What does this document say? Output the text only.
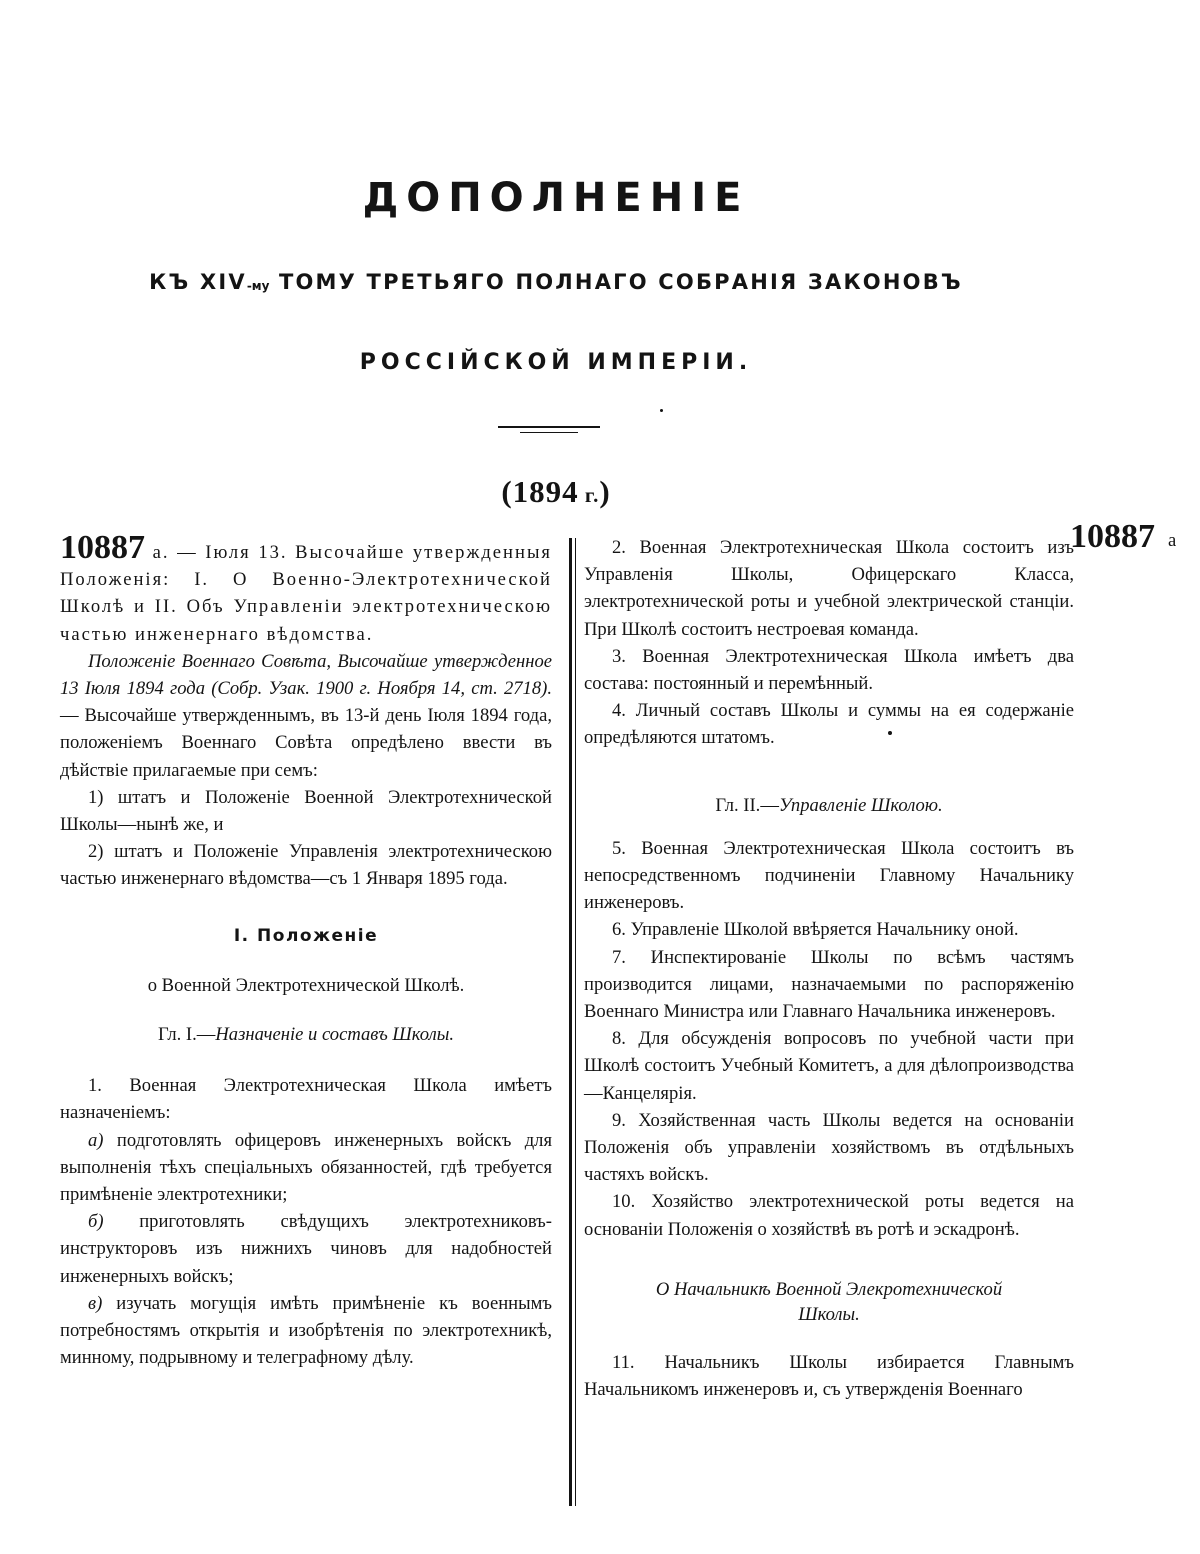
ДОПОЛНЕНІЕ
КЪ $XIV^{-му}$ ТОМУ ТРЕТЬЯГО ПОЛНАГО СОБРАНІЯ ЗАКОНОВЪ
РОССІЙСКОЙ ИМПЕРІИ.
(1894 г.)
10887 а

10887 а. — Іюля 13. Высочайше утвержденныя Положенія: І. О Военно-Электротехнической Школѣ и ІІ. Объ Управленіи электротехническою частью инженернаго вѣдомства.

Положеніе Военнаго Совѣта, Высочайше утвержденное 13 Іюля 1894 года (Собр. Узак. 1900 г. Ноября 14, ст. 2718).— Высочайше утвержденнымъ, въ 13-й день Іюля 1894 года, положеніемъ Военнаго Совѣта опредѣлено ввести въ дѣйствіе прилагаемые при семъ:

1) штатъ и Положеніе Военной Электротехнической Школы—нынѣ же, и

2) штатъ и Положеніе Управленія электротехническою частью инженернаго вѣдомства—съ 1 Января 1895 года.

I. Положеніе

о Военной Электротехнической Школѣ.

Гл. I.—Назначеніе и составъ Школы.

1. Военная Электротехническая Школа имѣетъ назначеніемъ:

а) подготовлять офицеровъ инженерныхъ войскъ для выполненія тѣхъ спеціальныхъ обязанностей, гдѣ требуется примѣненіе электротехники;

б) приготовлять свѣдущихъ электротехниковъ-инструкторовъ изъ нижнихъ чиновъ для надобностей инженерныхъ войскъ;

в) изучать могущія имѣть примѣненіе къ военнымъ потребностямъ открытія и изобрѣтенія по электротехникѣ, минному, подрывному и телеграфному дѣлу.

2. Военная Электротехническая Школа состоитъ изъ Управленія Школы, Офицерскаго Класса, электротехнической роты и учебной электрической станціи. При Школѣ состоитъ нестроевая команда.

3. Военная Электротехническая Школа имѣетъ два состава: постоянный и перемѣнный.

4. Личный составъ Школы и суммы на ея содержаніе опредѣляются штатомъ.

Гл. II.—Управленіе Школою.

5. Военная Электротехническая Школа состоитъ въ непосредственномъ подчиненіи Главному Начальнику инженеровъ.

6. Управленіе Школой ввѣряется Начальнику оной.

7. Инспектированіе Школы по всѣмъ частямъ производится лицами, назначаемыми по распоряженію Военнаго Министра или Главнаго Начальника инженеровъ.

8. Для обсужденія вопросовъ по учебной части при Школѣ состоитъ Учебный Комитетъ, а для дѣлопроизводства—Канцелярія.

9. Хозяйственная часть Школы ведется на основаніи Положенія объ управленіи хозяйствомъ въ отдѣльныхъ частяхъ войскъ.

10. Хозяйство электротехнической роты ведется на основаніи Положенія о хозяйствѣ въ ротѣ и эскадронѣ.

О Начальникѣ Военной Элекротехнической

Школы.

11. Начальникъ Школы избирается Главнымъ Начальникомъ инженеровъ и, съ утвержденія Военнаго
